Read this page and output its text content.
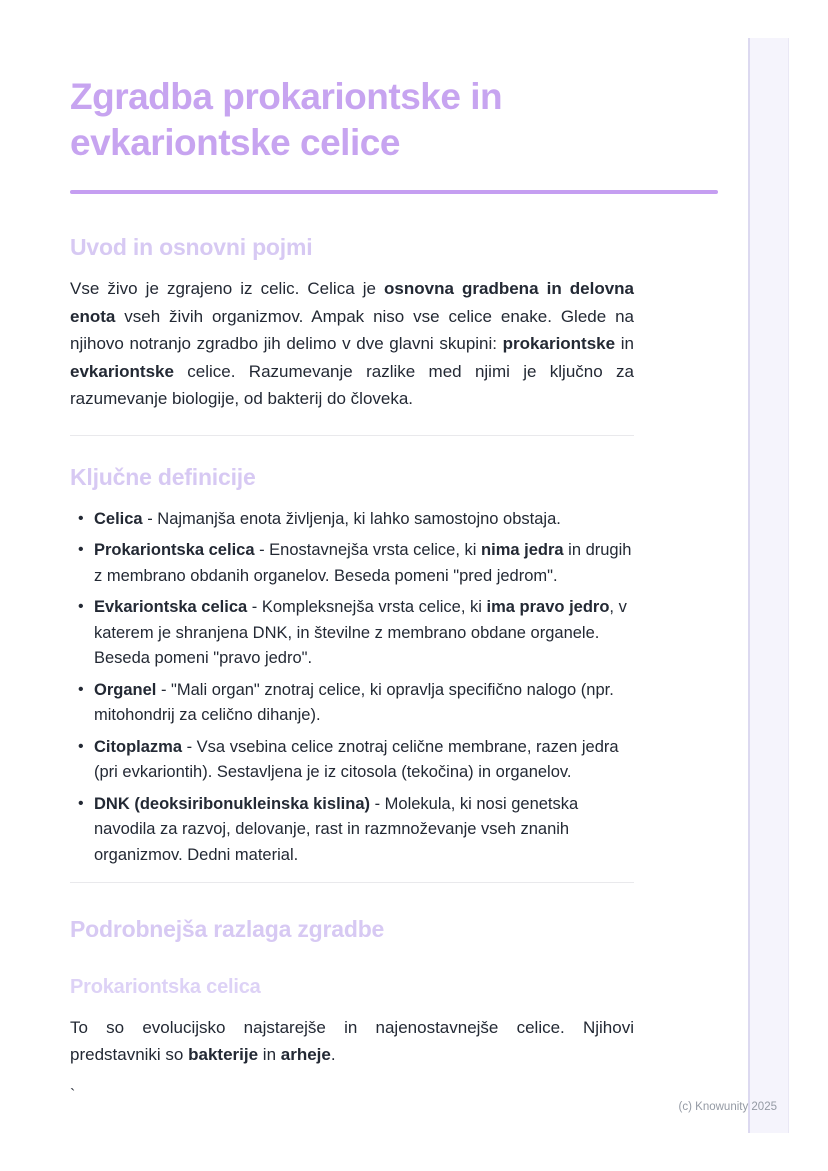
Zgradba prokariontske in evkariontske celice
Uvod in osnovni pojmi

Vse živo je zgrajeno iz celic. Celica je osnovna gradbena in delovna enota vseh živih organizmov. Ampak niso vse celice enake. Glede na njihovo notranjo zgradbo jih delimo v dve glavni skupini: prokariontske in evkariontske celice. Razumevanje razlike med njimi je ključno za razumevanje biologije, od bakterij do človeka.

Ključne definicije
• Celica - Najmanjša enota življenja, ki lahko samostojno obstaja.
• Prokariontska celica - Enostavnejša vrsta celice, ki nima jedra in drugih z membrano obdanih organelov. Beseda pomeni "pred jedrom".
• Evkariontska celica - Kompleksnejša vrsta celice, ki ima pravo jedro, v katerem je shranjena DNK, in številne z membrano obdane organele. Beseda pomeni "pravo jedro".
• Organel - "Mali organ" znotraj celice, ki opravlja specifično nalogo (npr. mitohondrij za celično dihanje).
• Citoplazma - Vsa vsebina celice znotraj celične membrane, razen jedra (pri evkariontih). Sestavljena je iz citosola (tekočina) in organelov.
• DNK (deoksiribonukleinska kislina) - Molekula, ki nosi genetska navodila za razvoj, delovanje, rast in razmnoževanje vseh znanih organizmov. Dedni material.
Podrobnejša razlaga zgradbe
Prokariontska celica

To so evolucijsko najstarejše in najenostavnejše celice. Njihovi predstavniki so bakterije in arheje.

`

(c) Knowunity 2025
